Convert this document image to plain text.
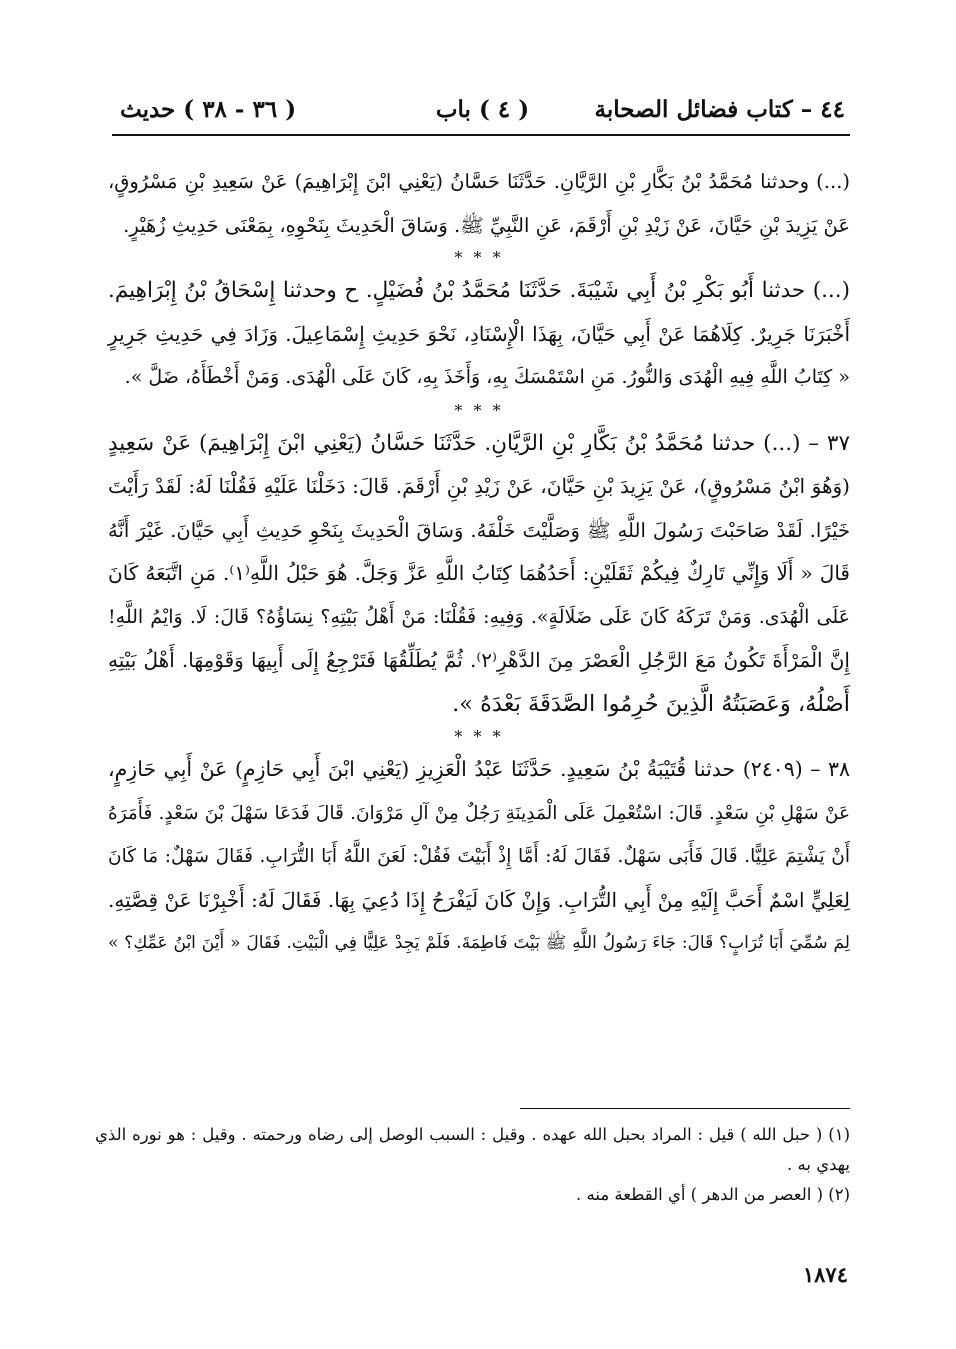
٤٤ – كتاب فضائل الصحابة
( ٤ ) باب
( ٣٦ - ٣٨ ) حديث

(...) وحدثنا مُحَمَّدُ بْنُ بَكَّارِ بْنِ الرَّيَّانِ. حَدَّثَنَا حَسَّانُ (يَعْنِي ابْنَ إِبْرَاهِيمَ) عَنْ سَعِيدِ بْنِ مَسْرُوقٍ،

عَنْ يَزِيدَ بْنِ حَيَّانَ، عَنْ زَيْدِ بْنِ أَرْقَمَ، عَنِ النَّبِيِّ ﷺ. وَسَاقَ الْحَدِيثَ بِنَحْوِهِ، بِمَعْنَى حَدِيثِ زُهَيْرٍ.

* * *

(...) حدثنا أَبُو بَكْرِ بْنُ أَبِي شَيْبَةَ. حَدَّثَنَا مُحَمَّدُ بْنُ فُضَيْلٍ. ح وحدثنا إِسْحَاقُ بْنُ إِبْرَاهِيمَ.

أَخْبَرَنَا جَرِيرٌ. كِلَاهُمَا عَنْ أَبِي حَيَّانَ، بِهَذَا الْإِسْنَادِ، نَحْوَ حَدِيثِ إِسْمَاعِيلَ. وَزَادَ فِي حَدِيثِ جَرِيرٍ

« كِتَابُ اللَّهِ فِيهِ الْهُدَى وَالنُّورُ. مَنِ اسْتَمْسَكَ بِهِ، وَأَخَذَ بِهِ، كَانَ عَلَى الْهُدَى. وَمَنْ أَخْطَأَهُ، ضَلَّ ».

* * *

٣٧ – (...) حدثنا مُحَمَّدُ بْنُ بَكَّارِ بْنِ الرَّيَّانِ. حَدَّثَنَا حَسَّانُ (يَعْنِي ابْنَ إِبْرَاهِيمَ) عَنْ سَعِيدٍ

(وَهُوَ ابْنُ مَسْرُوقٍ)، عَنْ يَزِيدَ بْنِ حَيَّانَ، عَنْ زَيْدِ بْنِ أَرْقَمَ. قَالَ: دَخَلْنَا عَلَيْهِ فَقُلْنَا لَهُ: لَقَدْ رَأَيْتَ

خَيْرًا. لَقَدْ صَاحَبْتَ رَسُولَ اللَّهِ ﷺ وَصَلَّيْتَ خَلْفَهُ. وَسَاقَ الْحَدِيثَ بِنَحْوِ حَدِيثِ أَبِي حَيَّانَ. غَيْرَ أَنَّهُ

قَالَ « أَلَا وَإِنِّي تَارِكٌ فِيكُمْ ثَقَلَيْنِ: أَحَدُهُمَا كِتَابُ اللَّهِ عَزَّ وَجَلَّ. هُوَ حَبْلُ اللَّهِ⁽١⁾. مَنِ اتَّبَعَهُ كَانَ

عَلَى الْهُدَى. وَمَنْ تَرَكَهُ كَانَ عَلَى ضَلَالَةٍ». وَفِيهِ: فَقُلْنَا: مَنْ أَهْلُ بَيْتِهِ؟ نِسَاؤُهُ؟ قَالَ: لَا. وَايْمُ اللَّهِ!

إِنَّ الْمَرْأَةَ تَكُونُ مَعَ الرَّجُلِ الْعَصْرَ مِنَ الدَّهْرِ⁽٢⁾. ثُمَّ يُطَلِّقُهَا فَتَرْجِعُ إِلَى أَبِيهَا وَقَوْمِهَا. أَهْلُ بَيْتِهِ

أَصْلُهُ، وَعَصَبَتُهُ الَّذِينَ حُرِمُوا الصَّدَقَةَ بَعْدَهُ ».

* * *

٣٨ – (٢٤٠٩) حدثنا قُتَيْبَةُ بْنُ سَعِيدٍ. حَدَّثَنَا عَبْدُ الْعَزِيزِ (يَعْنِي ابْنَ أَبِي حَازِمٍ) عَنْ أَبِي حَازِمٍ،

عَنْ سَهْلِ بْنِ سَعْدٍ. قَالَ: اسْتُعْمِلَ عَلَى الْمَدِينَةِ رَجُلٌ مِنْ آلِ مَرْوَانَ. قَالَ فَدَعَا سَهْلَ بْنَ سَعْدٍ. فَأَمَرَهُ

أَنْ يَشْتِمَ عَلِيًّا. قَالَ فَأَبَى سَهْلٌ. فَقَالَ لَهُ: أَمَّا إِذْ أَبَيْتَ فَقُلْ: لَعَنَ اللَّهُ أَبَا التُّرَابِ. فَقَالَ سَهْلٌ: مَا كَانَ

لِعَلِيٍّ اسْمٌ أَحَبَّ إِلَيْهِ مِنْ أَبِي التُّرَابِ. وَإِنْ كَانَ لَيَفْرَحُ إِذَا دُعِيَ بِهَا. فَقَالَ لَهُ: أَخْبِرْنَا عَنْ قِصَّتِهِ.

لِمَ سُمِّيَ أَبَا تُرَابٍ؟ قَالَ: جَاءَ رَسُولُ اللَّهِ ﷺ بَيْتَ فَاطِمَةَ. فَلَمْ يَجِدْ عَلِيًّا فِي الْبَيْتِ. فَقَالَ « أَيْنَ ابْنُ عَمِّكِ؟ »

(١) ( حبل الله ) قيل : المراد بحبل الله عهده . وقيل : السبب الوصل إلى رضاه ورحمته . وقيل : هو نوره الذي

يهدي به .

(٢) ( العصر من الدهر ) أي القطعة منه .

١٨٧٤
